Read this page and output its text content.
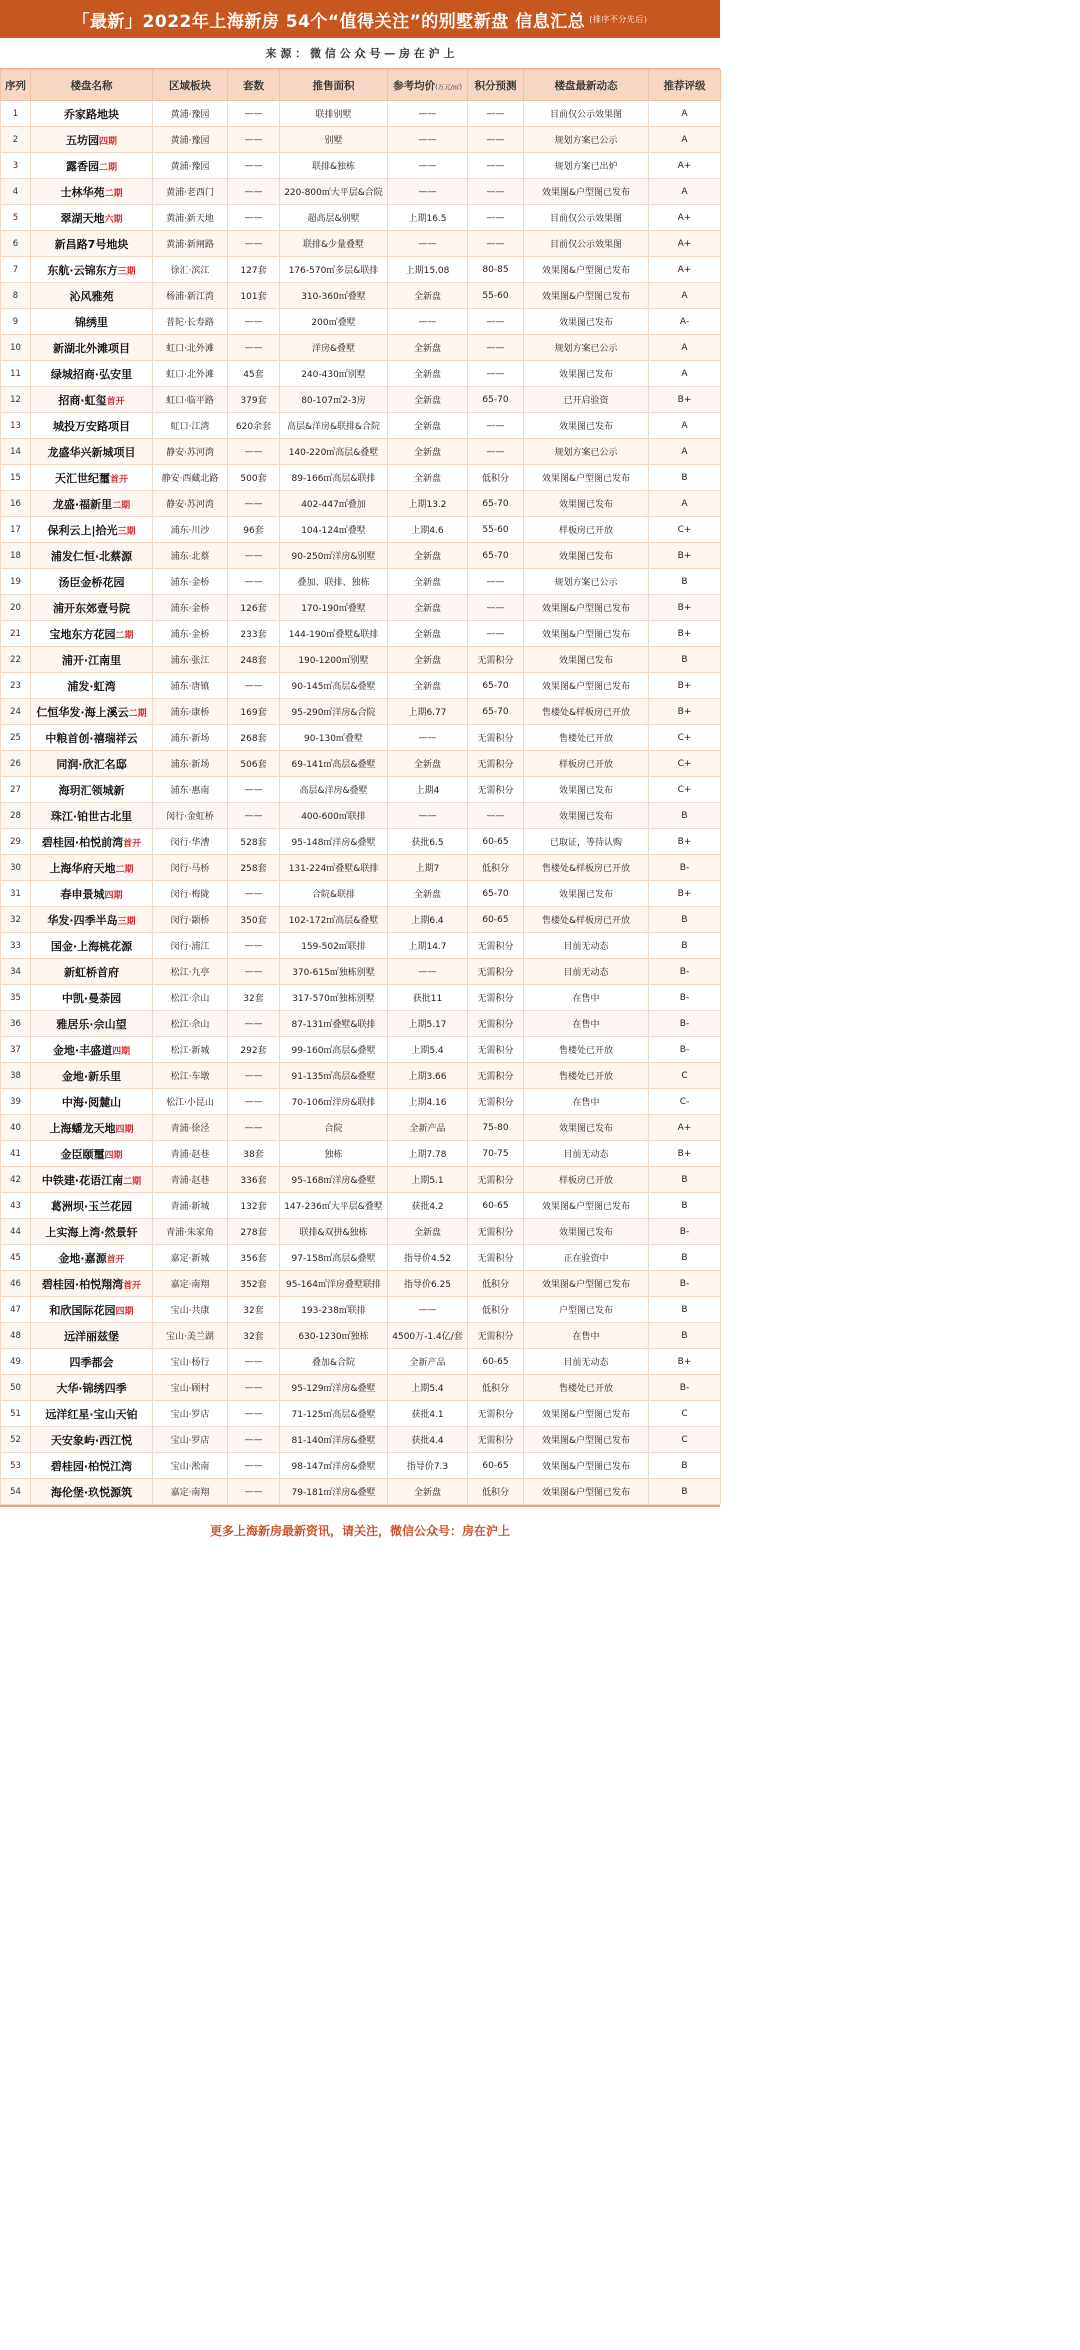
「最新」2022年上海新房 54个“值得关注”的别墅新盘 信息汇总 (排序不分先后)
来 源 ： 微 信 公 众 号 — 房 在 沪 上
序列	楼盘名称	区域板块	套数	推售面积	参考均价(万元/㎡)	积分预测	楼盘最新动态	推荐评级
1	乔家路地块	黄浦·豫园	——	联排别墅	——	——	目前仅公示效果图	A
2	五坊园四期	黄浦·豫园	——	别墅	——	——	规划方案已公示	A
3	露香园二期	黄浦·豫园	——	联排&独栋	——	——	规划方案已出炉	A+
4	士林华苑二期	黄浦·老西门	——	220-800㎡大平层&合院	——	——	效果图&户型图已发布	A
5	翠湖天地六期	黄浦·新天地	——	超高层&别墅	上期16.5	——	目前仅公示效果图	A+
6	新昌路7号地块	黄浦·新闸路	——	联排&少量叠墅	——	——	目前仅公示效果图	A+
7	东航·云锦东方三期	徐汇·滨江	127套	176-570㎡多层&联排	上期15.08	80-85	效果图&户型图已发布	A+
8	沁风雅苑	杨浦·新江湾	101套	310-360㎡叠墅	全新盘	55-60	效果图&户型图已发布	A
9	锦绣里	普陀·长寿路	——	200㎡叠墅	——	——	效果图已发布	A-
10	新湖北外滩项目	虹口·北外滩	——	洋房&叠墅	全新盘	——	规划方案已公示	A
11	绿城招商·弘安里	虹口·北外滩	45套	240-430㎡别墅	全新盘	——	效果图已发布	A
12	招商·虹玺首开	虹口·临平路	379套	80-107㎡2-3房	全新盘	65-70	已开启验资	B+
13	城投万安路项目	虹口·江湾	620余套	高层&洋房&联排&合院	全新盘	——	效果图已发布	A
14	龙盛华兴新城项目	静安·苏河湾	——	140-220㎡高层&叠墅	全新盘	——	规划方案已公示	A
15	天汇世纪璽首开	静安·西藏北路	500套	89-166㎡高层&联排	全新盘	低积分	效果图&户型图已发布	B
16	龙盛·福新里二期	静安·苏河湾	——	402-447㎡叠加	上期13.2	65-70	效果图已发布	A
17	保利云上|拾光三期	浦东·川沙	96套	104-124㎡叠墅	上期4.6	55-60	样板房已开放	C+
18	浦发仁恒·北蔡源	浦东·北蔡	——	90-250㎡洋房&别墅	全新盘	65-70	效果图已发布	B+
19	汤臣金桥花园	浦东·金桥	——	叠加、联排、独栋	全新盘	——	规划方案已公示	B
20	浦开东郊壹号院	浦东·金桥	126套	170-190㎡叠墅	全新盘	——	效果图&户型图已发布	B+
21	宝地东方花园二期	浦东·金桥	233套	144-190㎡叠墅&联排	全新盘	——	效果图&户型图已发布	B+
22	浦开·江南里	浦东·张江	248套	190-1200㎡别墅	全新盘	无需积分	效果图已发布	B
23	浦发·虹湾	浦东·唐镇	——	90-145㎡高层&叠墅	全新盘	65-70	效果图&户型图已发布	B+
24	仁恒华发·海上溪云二期	浦东·康桥	169套	95-290㎡洋房&合院	上期6.77	65-70	售楼处&样板房已开放	B+
25	中粮首创·禧瑞祥云	浦东·新场	268套	90-130㎡叠墅	——	无需积分	售楼处已开放	C+
26	同润·欣汇名邸	浦东·新场	506套	69-141㎡高层&叠墅	全新盘	无需积分	样板房已开放	C+
27	海玥汇领城新	浦东·惠南	——	高层&洋房&叠墅	上期4	无需积分	效果图已发布	C+
28	珠江·铂世古北里	闵行·金虹桥	——	400-600㎡联排	——	——	效果图已发布	B
29	碧桂园·柏悦前湾首开	闵行·华漕	528套	95-148㎡洋房&叠墅	获批6.5	60-65	已取证，等待认购	B+
30	上海华府天地二期	闵行·马桥	258套	131-224㎡叠墅&联排	上期7	低积分	售楼处&样板房已开放	B-
31	春申景城四期	闵行·梅陇	——	合院&联排	全新盘	65-70	效果图已发布	B+
32	华发·四季半岛三期	闵行·颛桥	350套	102-172㎡高层&叠墅	上期6.4	60-65	售楼处&样板房已开放	B
33	国金·上海桃花源	闵行·浦江	——	159-502㎡联排	上期14.7	无需积分	目前无动态	B
34	新虹桥首府	松江·九亭	——	370-615㎡独栋别墅	——	无需积分	目前无动态	B-
35	中凯·曼荼园	松江·佘山	32套	317-570㎡独栋别墅	获批11	无需积分	在售中	B-
36	雅居乐·佘山望	松江·佘山	——	87-131㎡叠墅&联排	上期5.17	无需积分	在售中	B-
37	金地·丰盛道四期	松江·新城	292套	99-160㎡高层&叠墅	上期5.4	无需积分	售楼处已开放	B-
38	金地·新乐里	松江·车墩	——	91-135㎡高层&叠墅	上期3.66	无需积分	售楼处已开放	C
39	中海·阅麓山	松江·小昆山	——	70-106㎡洋房&联排	上期4.16	无需积分	在售中	C-
40	上海蟠龙天地四期	青浦·徐泾	——	合院	全新产品	75-80	效果图已发布	A+
41	金臣颐璽四期	青浦·赵巷	38套	独栋	上期7.78	70-75	目前无动态	B+
42	中铁建·花语江南二期	青浦·赵巷	336套	95-168㎡洋房&叠墅	上期5.1	无需积分	样板房已开放	B
43	葛洲坝·玉兰花园	青浦·新城	132套	147-236㎡大平层&叠墅	获批4.2	60-65	效果图&户型图已发布	B
44	上实海上湾·然景轩	青浦·朱家角	278套	联排&双拼&独栋	全新盘	无需积分	效果图已发布	B-
45	金地·嘉源首开	嘉定·新城	356套	97-158㎡高层&叠墅	指导价4.52	无需积分	正在验资中	B
46	碧桂园·柏悦翔湾首开	嘉定·南翔	352套	95-164㎡洋房叠墅联排	指导价6.25	低积分	效果图&户型图已发布	B-
47	和欣国际花园四期	宝山·共康	32套	193-238㎡联排	——	低积分	户型图已发布	B
48	远洋丽兹堡	宝山·美兰湖	32套	630-1230㎡独栋	4500万-1.4亿/套	无需积分	在售中	B
49	四季都会	宝山·杨行	——	叠加&合院	全新产品	60-65	目前无动态	B+
50	大华·锦绣四季	宝山·顾村	——	95-129㎡洋房&叠墅	上期5.4	低积分	售楼处已开放	B-
51	远洋红星·宝山天铂	宝山·罗店	——	71-125㎡高层&叠墅	获批4.1	无需积分	效果图&户型图已发布	C
52	天安象屿·西江悦	宝山·罗店	——	81-140㎡洋房&叠墅	获批4.4	无需积分	效果图&户型图已发布	C
53	碧桂园·柏悦江湾	宝山·淞南	——	98-147㎡洋房&叠墅	指导价7.3	60-65	效果图&户型图已发布	B
54	海伦堡·玖悦源筑	嘉定·南翔	——	79-181㎡洋房&叠墅	全新盘	低积分	效果图&户型图已发布	B
更多上海新房最新资讯，请关注，微信公众号：房在沪上
